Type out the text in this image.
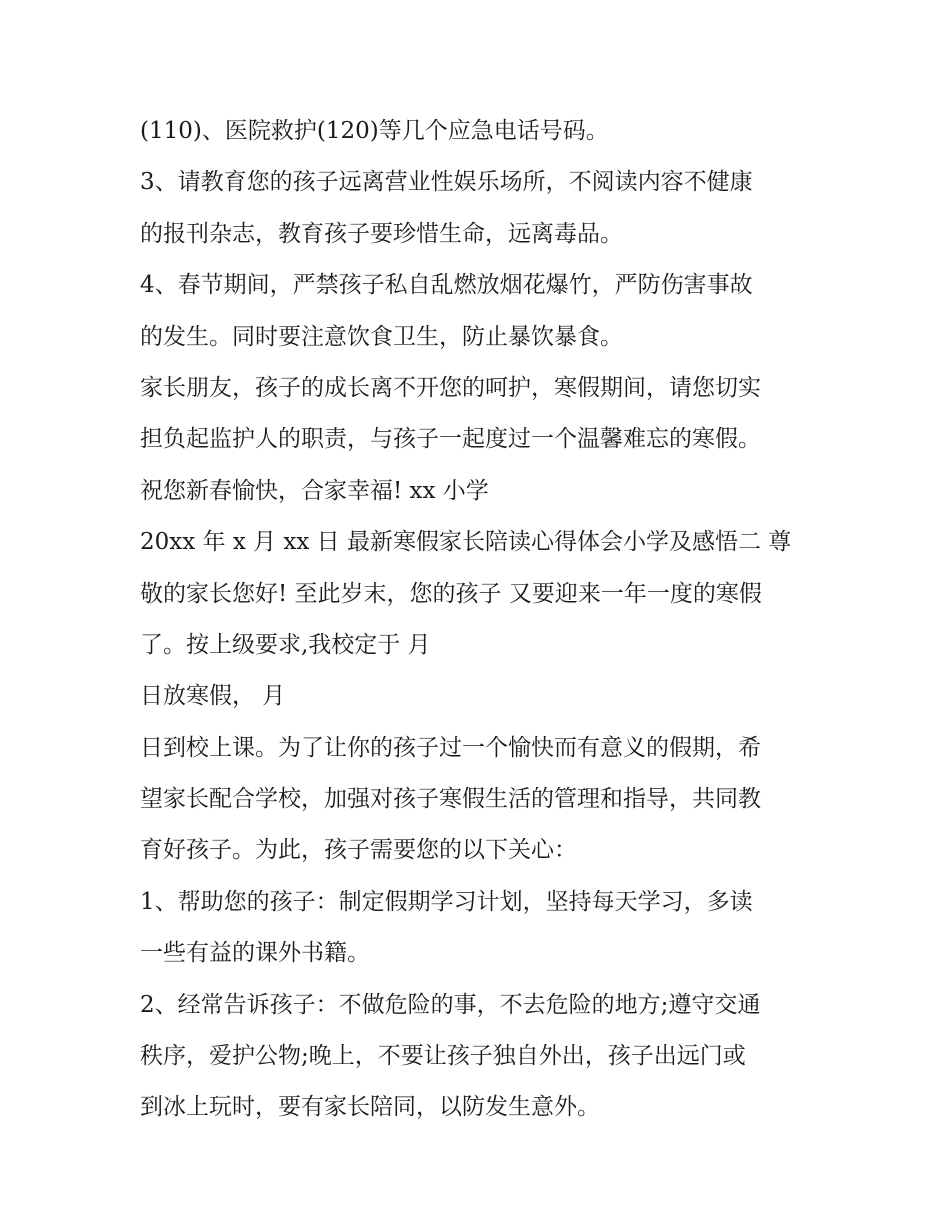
(110)、医院救护(120)等几个应急电话号码。
3、请教育您的孩子远离营业性娱乐场所，不阅读内容不健康
的报刊杂志，教育孩子要珍惜生命，远离毒品。
4、春节期间，严禁孩子私自乱燃放烟花爆竹，严防伤害事故
的发生。同时要注意饮食卫生，防止暴饮暴食。
家长朋友，孩子的成长离不开您的呵护，寒假期间，请您切实
担负起监护人的职责，与孩子一起度过一个温馨难忘的寒假。
祝您新春愉快，合家幸福! xx 小学
20xx 年 x 月 xx 日 最新寒假家长陪读心得体会小学及感悟二 尊
敬的家长您好! 至此岁末，您的孩子 又要迎来一年一度的寒假
了。按上级要求,我校定于 月
日放寒假， 月
日到校上课。为了让你的孩子过一个愉快而有意义的假期，希
望家长配合学校，加强对孩子寒假生活的管理和指导，共同教
育好孩子。为此，孩子需要您的以下关心：
1、帮助您的孩子：制定假期学习计划，坚持每天学习，多读
一些有益的课外书籍。
2、经常告诉孩子：不做危险的事，不去危险的地方;遵守交通
秩序，爱护公物;晚上，不要让孩子独自外出，孩子出远门或
到冰上玩时，要有家长陪同，以防发生意外。
